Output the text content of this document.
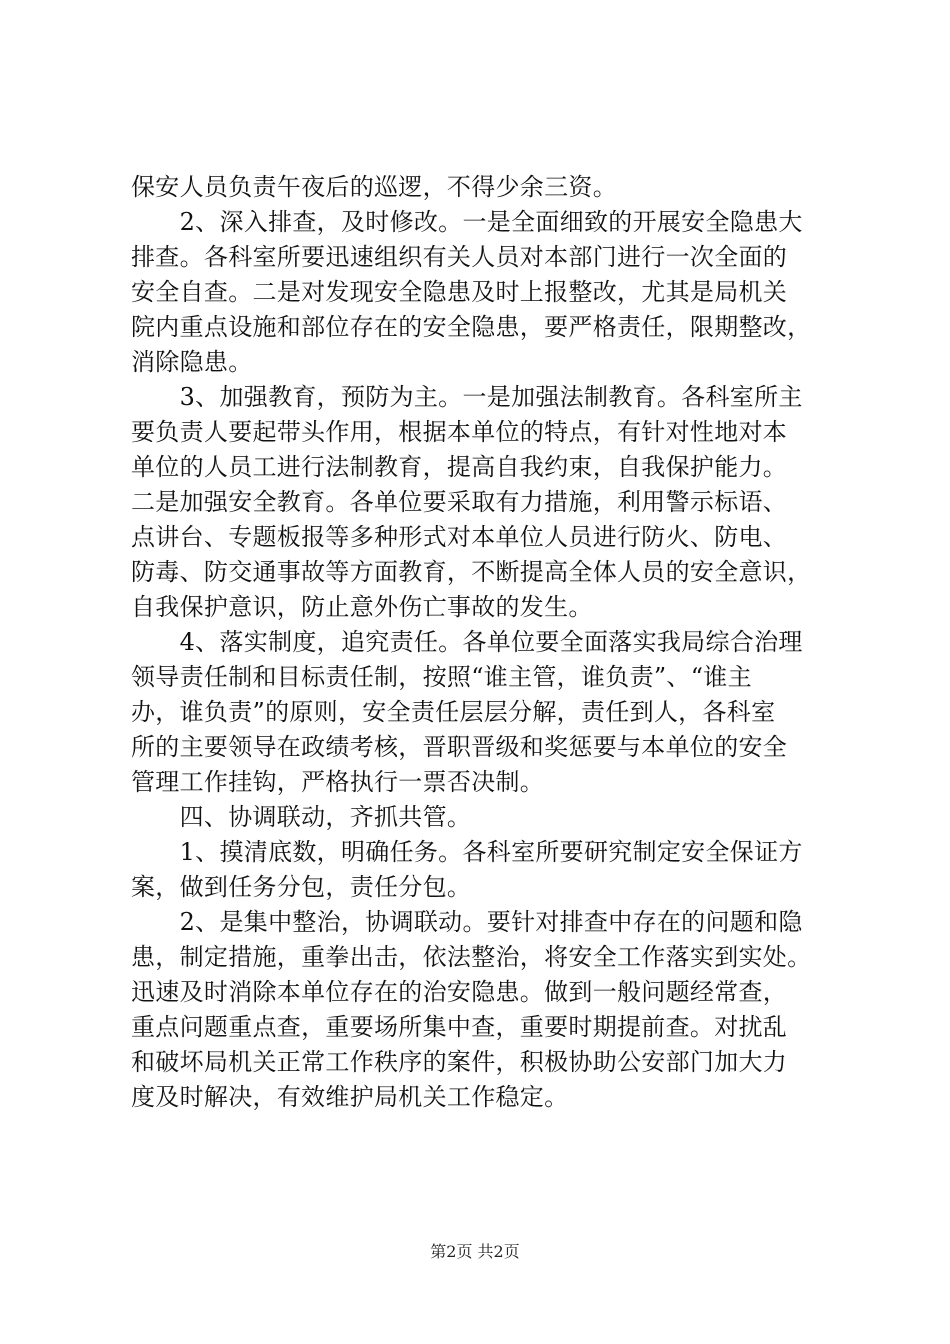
保安人员负责午夜后的巡逻，不得少余三资。
　　2、深入排查，及时修改。一是全面细致的开展安全隐患大
排查。各科室所要迅速组织有关人员对本部门进行一次全面的
安全自查。二是对发现安全隐患及时上报整改，尤其是局机关
院内重点设施和部位存在的安全隐患，要严格责任，限期整改，
消除隐患。
　　3、加强教育，预防为主。一是加强法制教育。各科室所主
要负责人要起带头作用，根据本单位的特点，有针对性地对本
单位的人员工进行法制教育，提高自我约束，自我保护能力。
二是加强安全教育。各单位要采取有力措施，利用警示标语、
点讲台、专题板报等多种形式对本单位人员进行防火、防电、
防毒、防交通事故等方面教育，不断提高全体人员的安全意识，
自我保护意识，防止意外伤亡事故的发生。
　　4、落实制度，追究责任。各单位要全面落实我局综合治理
领导责任制和目标责任制，按照“谁主管，谁负责”、“谁主
办，谁负责”的原则，安全责任层层分解，责任到人，各科室
所的主要领导在政绩考核，晋职晋级和奖惩要与本单位的安全
管理工作挂钩，严格执行一票否决制。
　　四、协调联动，齐抓共管。
　　1、摸清底数，明确任务。各科室所要研究制定安全保证方
案，做到任务分包，责任分包。
　　2、是集中整治，协调联动。要针对排查中存在的问题和隐
患，制定措施，重拳出击，依法整治，将安全工作落实到实处。
迅速及时消除本单位存在的治安隐患。做到一般问题经常查，
重点问题重点查，重要场所集中查，重要时期提前查。对扰乱
和破坏局机关正常工作秩序的案件，积极协助公安部门加大力
度及时解决，有效维护局机关工作稳定。
第2页 共2页
